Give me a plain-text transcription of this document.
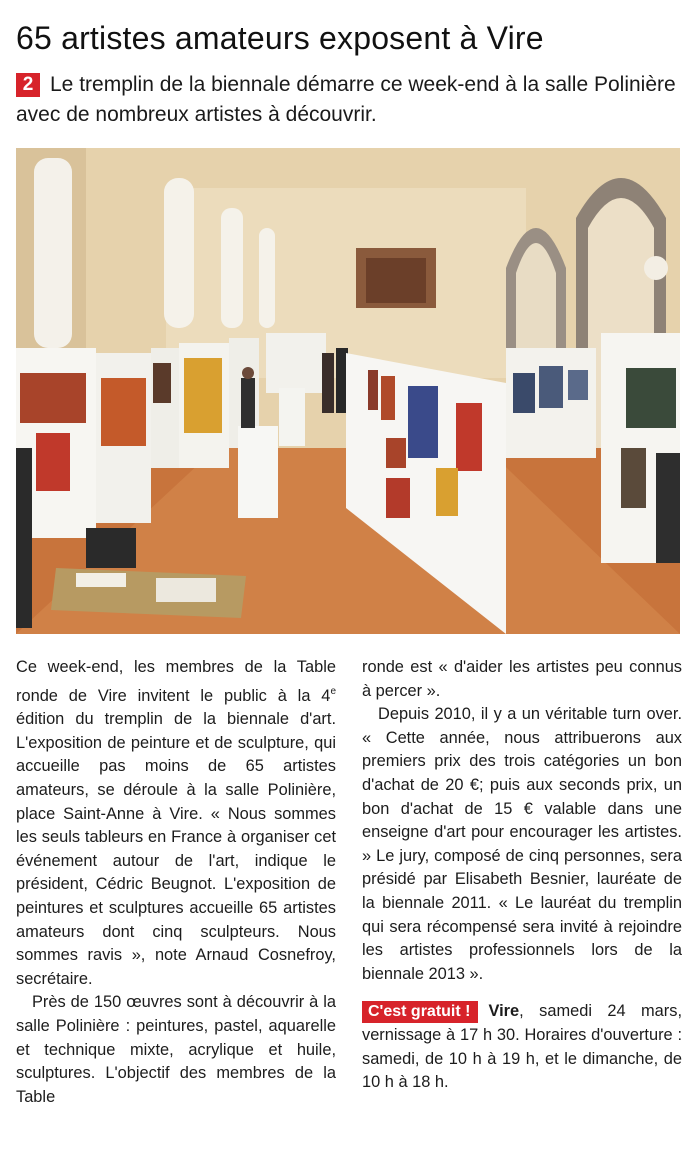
65 artistes amateurs exposent à Vire
2 Le tremplin de la biennale démarre ce week-end à la salle Polinière avec de nombreux artistes à découvrir.

Ce week-end, les membres de la Table ronde de Vire invitent le public à la 4e édition du tremplin de la biennale d'art. L'exposition de peinture et de sculpture, qui accueille pas moins de 65 artistes amateurs, se déroule à la salle Polinière, place Saint-Anne à Vire. « Nous sommes les seuls tableurs en France à organiser cet événement autour de l'art, indique le président, Cédric Beugnot. L'exposition de peintures et sculptures accueille 65 artistes amateurs dont cinq sculpteurs. Nous sommes ravis », note Arnaud Cosnefroy, secrétaire.

Près de 150 œuvres sont à découvrir à la salle Polinière : peintures, pastel, aquarelle et technique mixte, acrylique et huile, sculptures. L'objectif des membres de la Table

ronde est « d'aider les artistes peu connus à percer ».

Depuis 2010, il y a un véritable turn over. « Cette année, nous attribuerons aux premiers prix des trois catégories un bon d'achat de 20 €; puis aux seconds prix, un bon d'achat de 15 € valable dans une enseigne d'art pour encourager les artistes. » Le jury, composé de cinq personnes, sera présidé par Elisabeth Besnier, lauréate de la biennale 2011. « Le lauréat du tremplin qui sera récompensé sera invité à rejoindre les artistes professionnels lors de la biennale 2013 ».

C'est gratuit ! Vire, samedi 24 mars, vernissage à 17 h 30. Horaires d'ouverture : samedi, de 10 h à 19 h, et le dimanche, de 10 h à 18 h.
